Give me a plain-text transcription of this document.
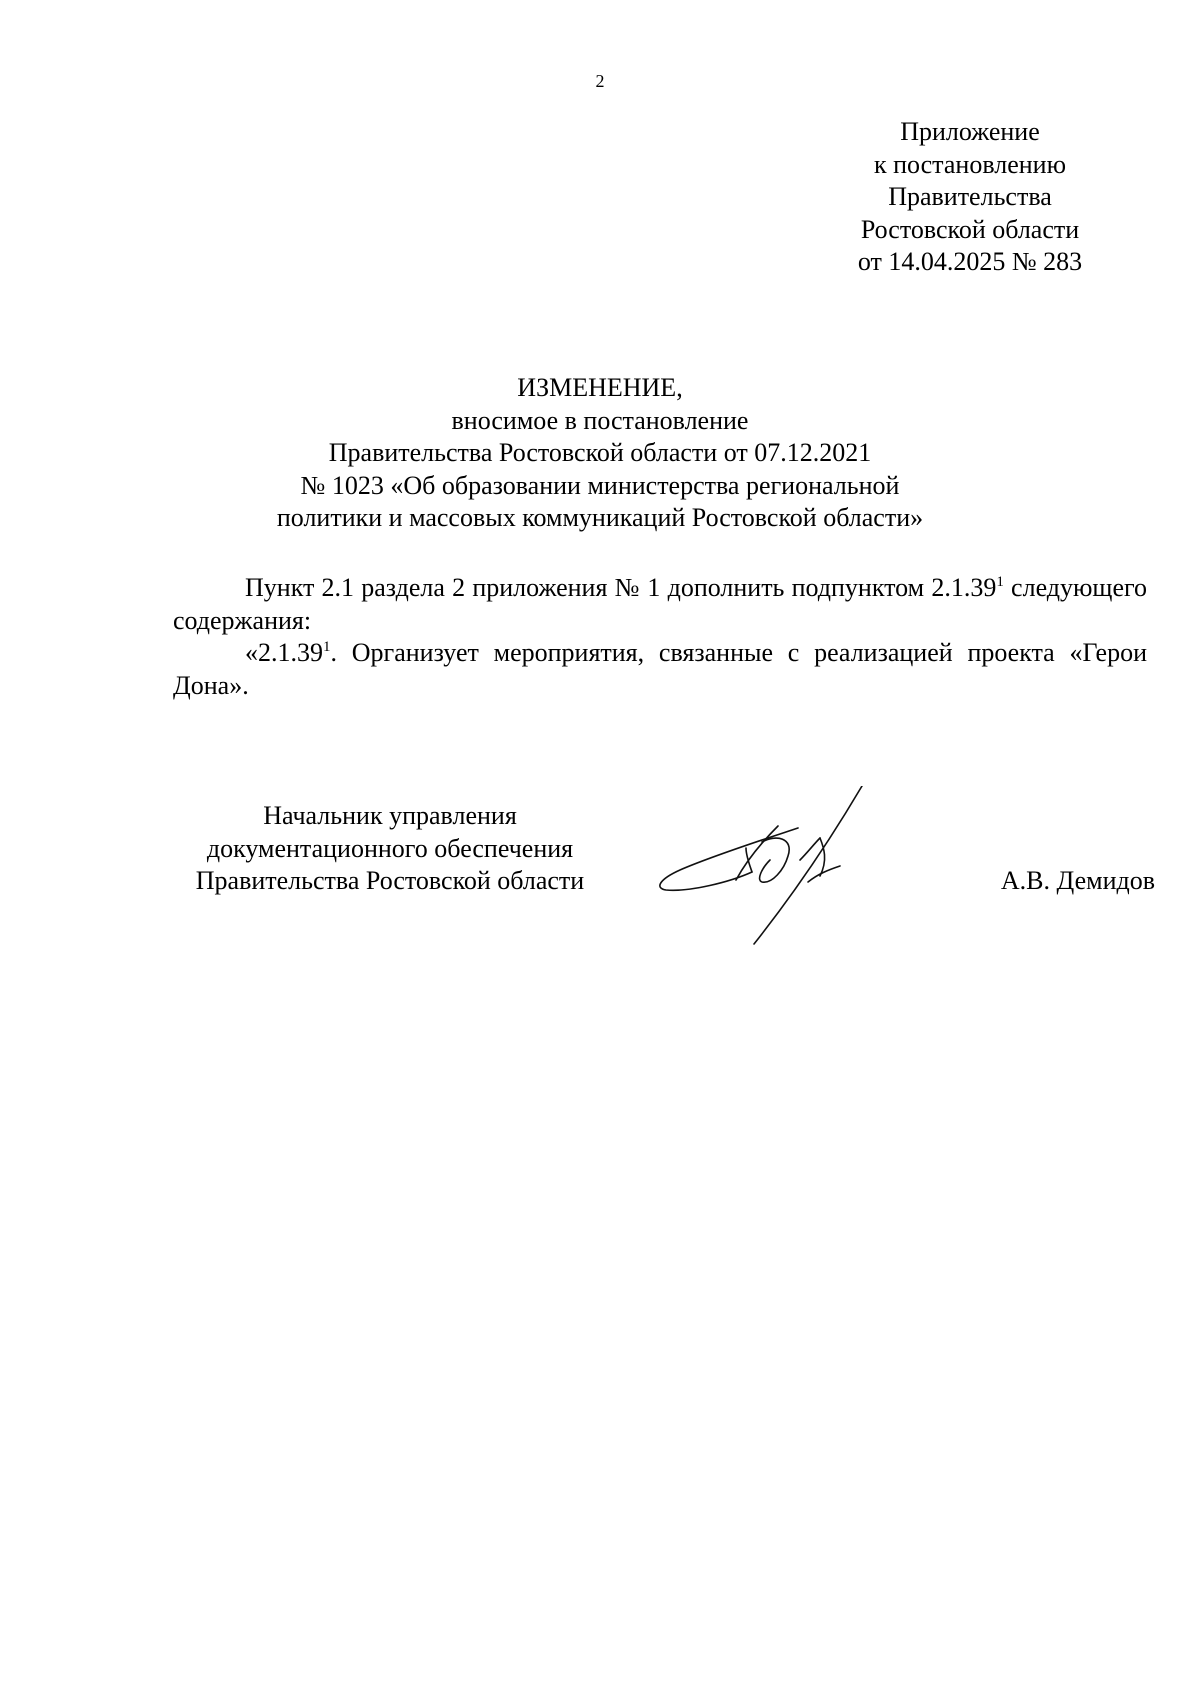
2
Приложение
к постановлению
Правительства
Ростовской области
от 14.04.2025 № 283
ИЗМЕНЕНИЕ,
вносимое в постановление
Правительства Ростовской области от 07.12.2021
№ 1023 «Об образовании министерства региональной
политики и массовых коммуникаций Ростовской области»

Пункт 2.1 раздела 2 приложения № 1 дополнить подпунктом 2.1.39$^1$ следующего содержания:

«2.1.39$^1$. Организует мероприятия, связанные с реализацией проекта «Герои Дона».

Начальник управления
документационного обеспечения
Правительства Ростовской области	А.В. Демидов
